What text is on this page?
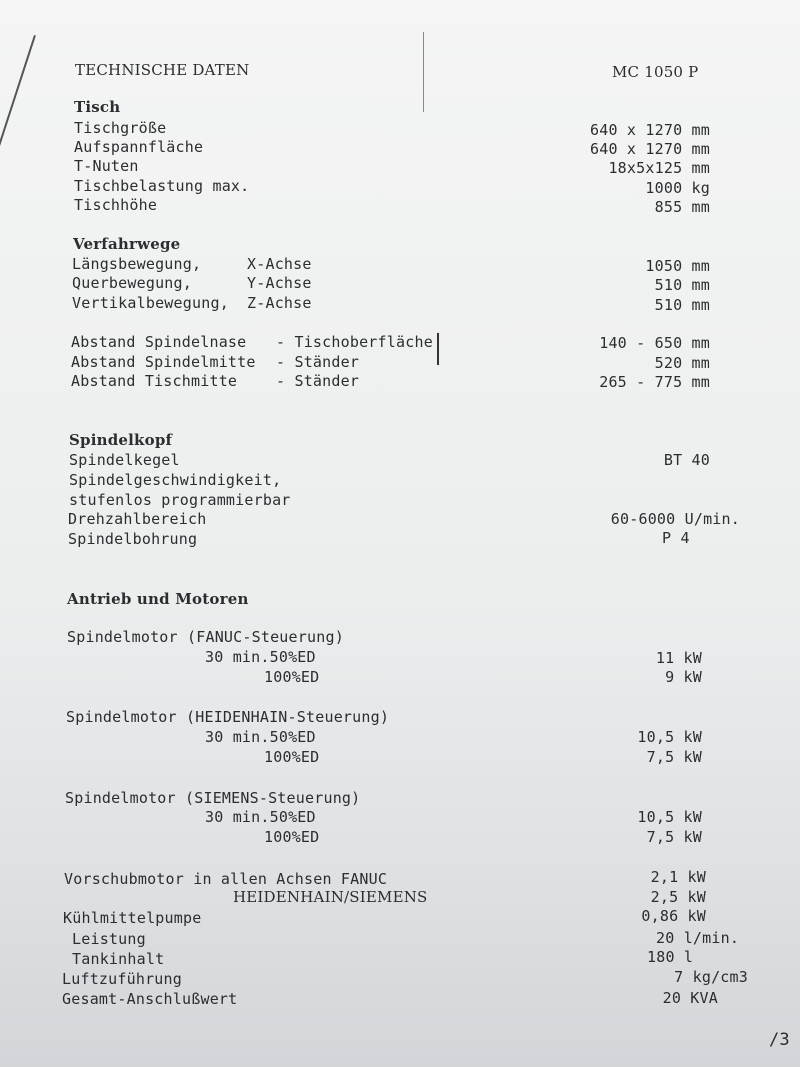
TECHNISCHE DATEN	MC 1050 P
Tisch
Tischgröße	640 x 1270 mm
Aufspannfläche	640 x 1270 mm
T-Nuten	18x5x125 mm
Tischbelastung max.	1000 kg
Tischhöhe	855 mm
Verfahrwege
Längsbewegung,	X-Achse	1050 mm
Querbewegung,	Y-Achse	510 mm
Vertikalbewegung, Z-Achse	510 mm
Abstand Spindelnase - Tischoberfläche	140 - 650 mm
Abstand Spindelmitte - Ständer	520 mm
Abstand Tischmitte	- Ständer	265 - 775 mm
Spindelkopf
Spindelkegel	BT 40
Spindelgeschwindigkeit,
stufenlos programmierbar
Drehzahlbereich	60-6000 U/min.
Spindelbohrung	P 4
Antrieb und Motoren
Spindelmotor (FANUC-Steuerung)
30 min.50%ED	11 kW
100%ED	9 kW
Spindelmotor (HEIDENHAIN-Steuerung)
30 min.50%ED	10,5 kW
100%ED	7,5 kW
Spindelmotor (SIEMENS-Steuerung)
30 min.50%ED	10,5 kW
100%ED	7,5 kW
Vorschubmotor in allen Achsen FANUC	2,1 kW
HEIDENHAIN/SIEMENS	2,5 kW
Kühlmittelpumpe	0,86 kW
Leistung	20 l/min.
Tankinhalt	180 l
Luftzuführung	7 kg/cm3
Gesamt-Anschlußwert	20 KVA
/3
